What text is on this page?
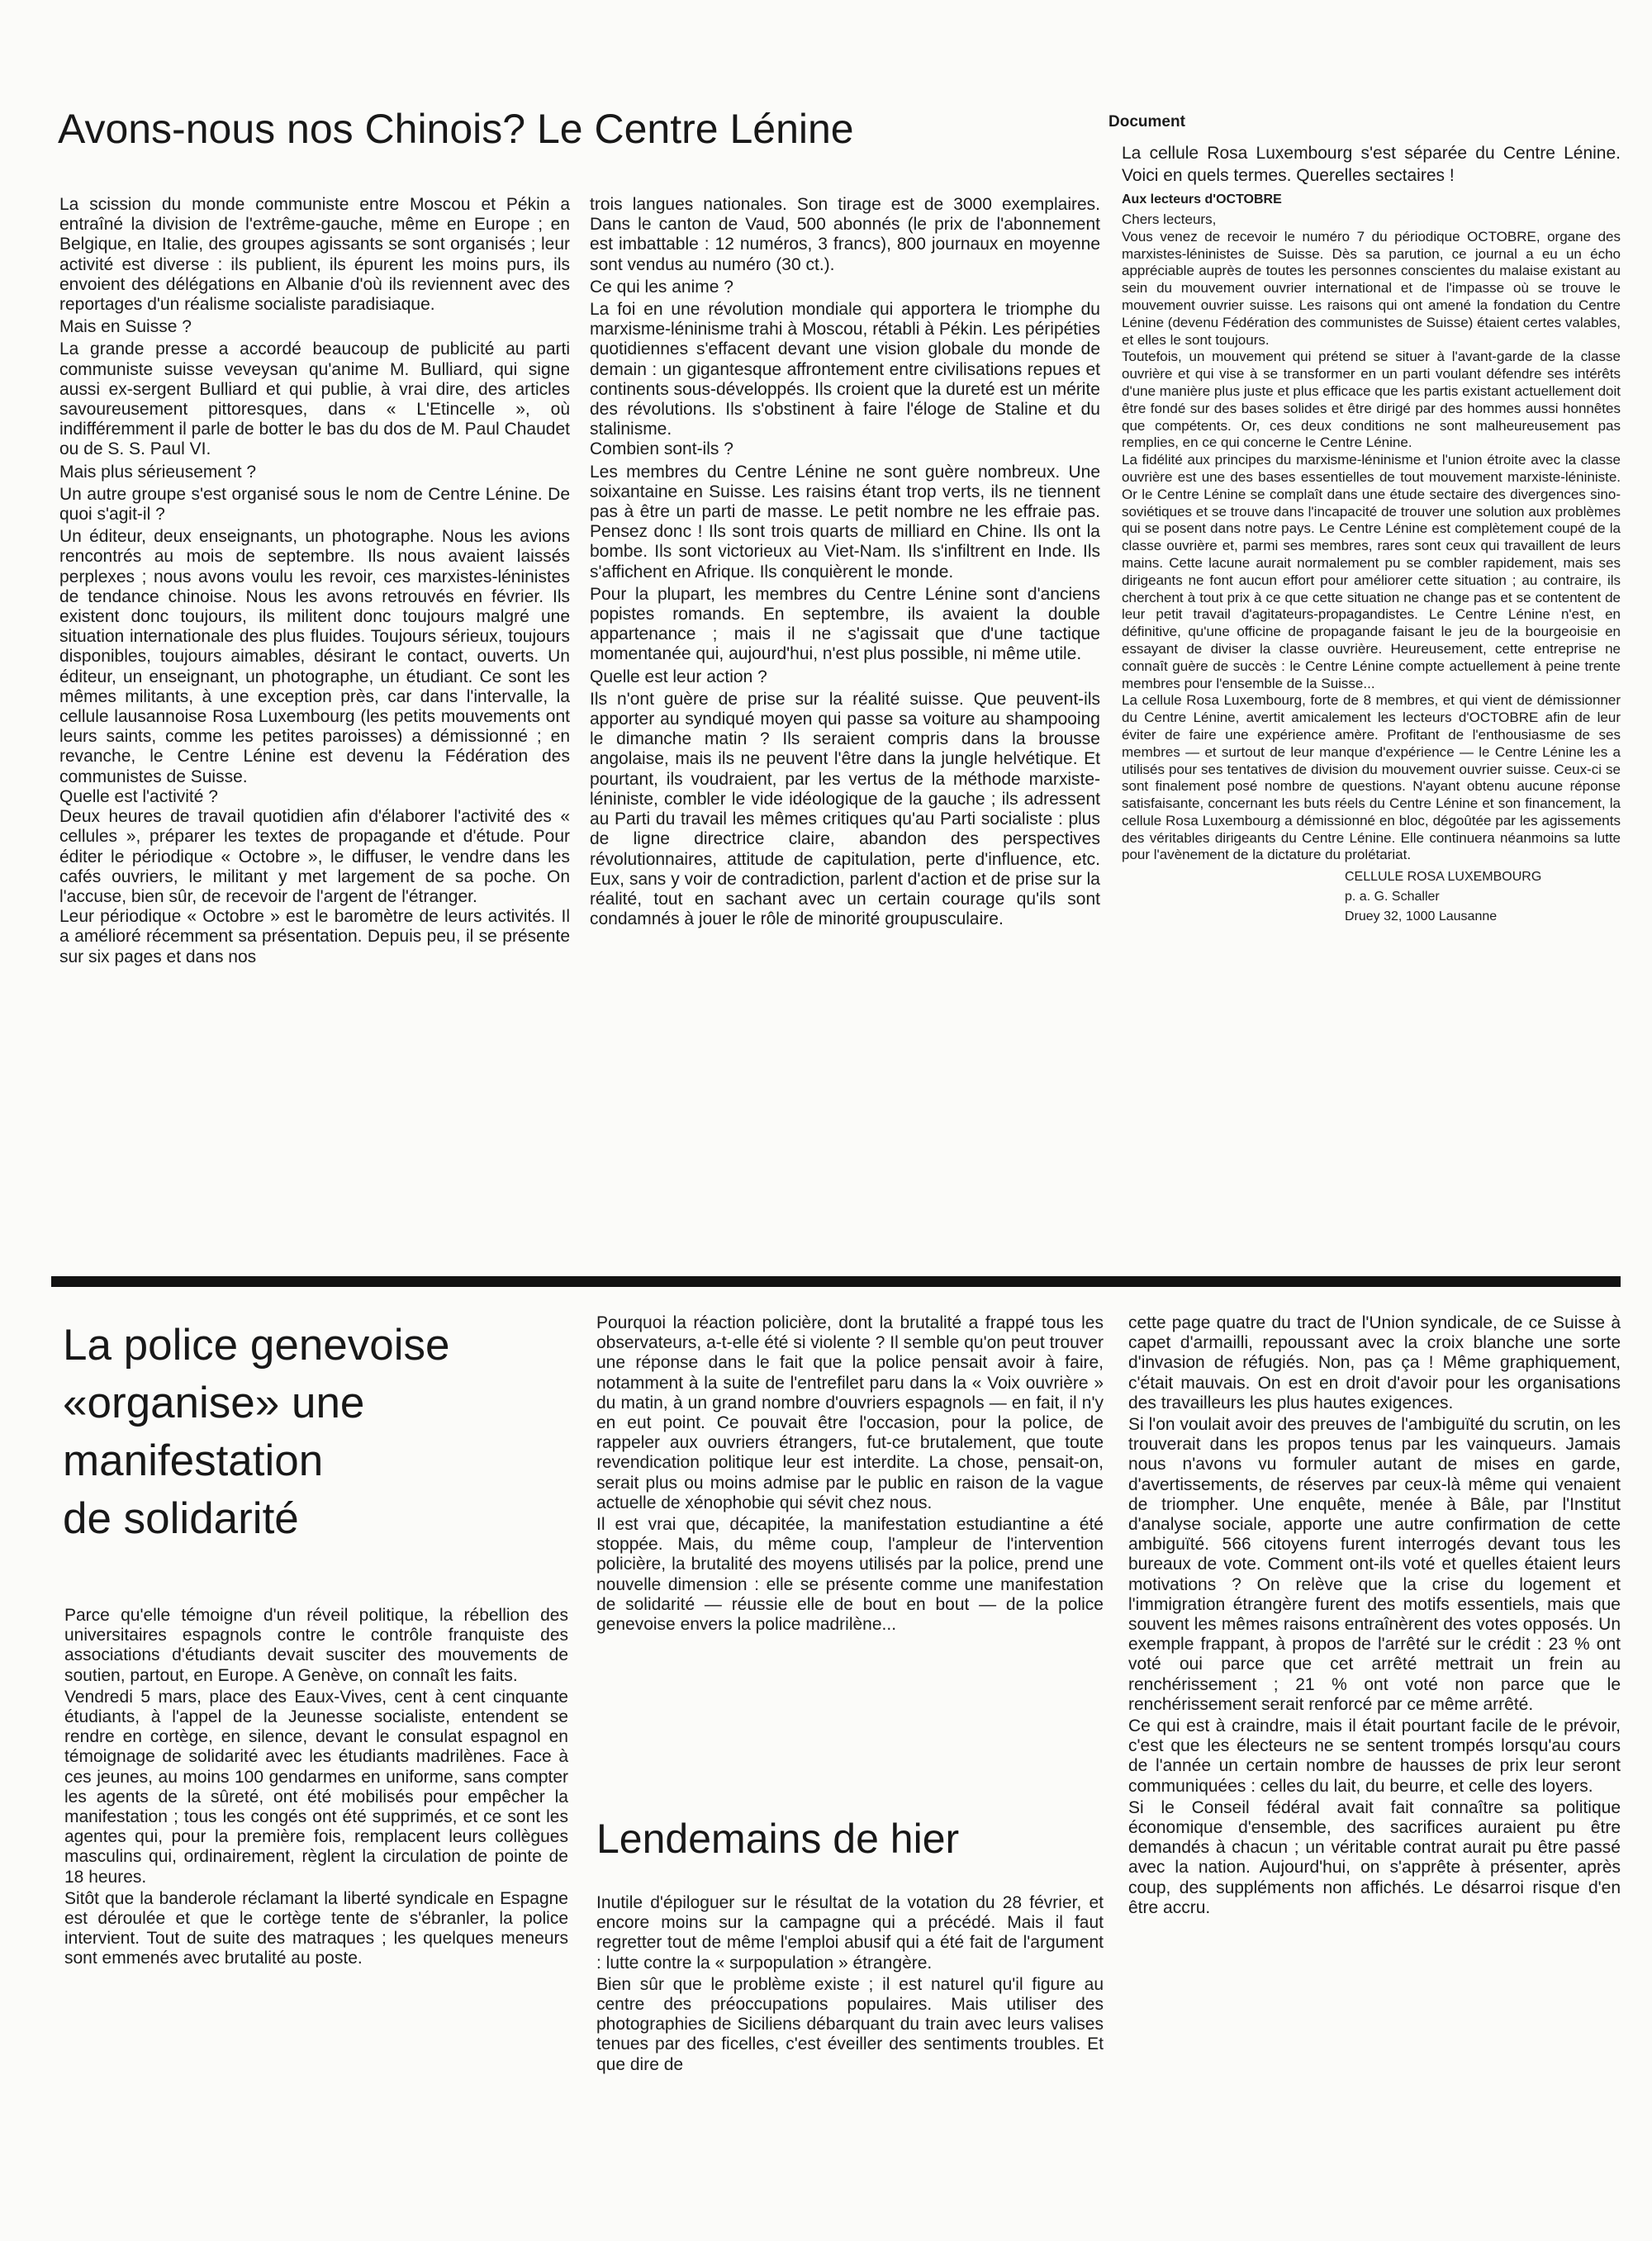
Avons-nous nos Chinois? Le Centre Lénine

La scission du monde communiste entre Moscou et Pékin a entraîné la division de l'extrême-gauche, même en Europe ; en Belgique, en Italie, des groupes agissants se sont organisés ; leur activité est diverse : ils publient, ils épurent les moins purs, ils envoient des délégations en Albanie d'où ils reviennent avec des reportages d'un réalisme socialiste paradisiaque.

Mais en Suisse ?

La grande presse a accordé beaucoup de publicité au parti communiste suisse veveysan qu'anime M. Bulliard, qui signe aussi ex-sergent Bulliard et qui publie, à vrai dire, des articles savoureusement pittoresques, dans « L'Etincelle », où indifféremment il parle de botter le bas du dos de M. Paul Chaudet ou de S. S. Paul VI.

Mais plus sérieusement ?

Un autre groupe s'est organisé sous le nom de Centre Lénine. De quoi s'agit-il ?

Un éditeur, deux enseignants, un photographe. Nous les avions rencontrés au mois de septembre. Ils nous avaient laissés perplexes ; nous avons voulu les revoir, ces marxistes-léninistes de tendance chinoise. Nous les avons retrouvés en février. Ils existent donc toujours, ils militent donc toujours malgré une situation internationale des plus fluides. Toujours sérieux, toujours disponibles, toujours aimables, désirant le contact, ouverts. Un éditeur, un enseignant, un photographe, un étudiant. Ce sont les mêmes militants, à une exception près, car dans l'intervalle, la cellule lausannoise Rosa Luxembourg (les petits mouvements ont leurs saints, comme les petites paroisses) a démissionné ; en revanche, le Centre Lénine est devenu la Fédération des communistes de Suisse.

Quelle est l'activité ?

Deux heures de travail quotidien afin d'élaborer l'activité des « cellules », préparer les textes de propagande et d'étude. Pour éditer le périodique « Octobre », le diffuser, le vendre dans les cafés ouvriers, le militant y met largement de sa poche. On l'accuse, bien sûr, de recevoir de l'argent de l'étranger.

Leur périodique « Octobre » est le baromètre de leurs activités. Il a amélioré récemment sa présentation. Depuis peu, il se présente sur six pages et dans nos

trois langues nationales. Son tirage est de 3000 exemplaires. Dans le canton de Vaud, 500 abonnés (le prix de l'abonnement est imbattable : 12 numéros, 3 francs), 800 journaux en moyenne sont vendus au numéro (30 ct.).

Ce qui les anime ?

La foi en une révolution mondiale qui apportera le triomphe du marxisme-léninisme trahi à Moscou, rétabli à Pékin. Les péripéties quotidiennes s'effacent devant une vision globale du monde de demain : un gigantesque affrontement entre civilisations repues et continents sous-développés. Ils croient que la dureté est un mérite des révolutions. Ils s'obstinent à faire l'éloge de Staline et du stalinisme.

Combien sont-ils ?

Les membres du Centre Lénine ne sont guère nombreux. Une soixantaine en Suisse. Les raisins étant trop verts, ils ne tiennent pas à être un parti de masse. Le petit nombre ne les effraie pas. Pensez donc ! Ils sont trois quarts de milliard en Chine. Ils ont la bombe. Ils sont victorieux au Viet-Nam. Ils s'infiltrent en Inde. Ils s'affichent en Afrique. Ils conquièrent le monde.

Pour la plupart, les membres du Centre Lénine sont d'anciens popistes romands. En septembre, ils avaient la double appartenance ; mais il ne s'agissait que d'une tactique momentanée qui, aujourd'hui, n'est plus possible, ni même utile.

Quelle est leur action ?

Ils n'ont guère de prise sur la réalité suisse. Que peuvent-ils apporter au syndiqué moyen qui passe sa voiture au shampooing le dimanche matin ? Ils seraient compris dans la brousse angolaise, mais ils ne peuvent l'être dans la jungle helvétique. Et pourtant, ils voudraient, par les vertus de la méthode marxiste-léniniste, combler le vide idéologique de la gauche ; ils adressent au Parti du travail les mêmes critiques qu'au Parti socialiste : plus de ligne directrice claire, abandon des perspectives révolutionnaires, attitude de capitulation, perte d'influence, etc. Eux, sans y voir de contradiction, parlent d'action et de prise sur la réalité, tout en sachant avec un certain courage qu'ils sont condamnés à jouer le rôle de minorité groupusculaire.

Document

La cellule Rosa Luxembourg s'est séparée du Centre Lénine. Voici en quels termes. Querelles sectaires !

Aux lecteurs d'OCTOBRE

Chers lecteurs,

Vous venez de recevoir le numéro 7 du périodique OCTOBRE, organe des marxistes-léninistes de Suisse. Dès sa parution, ce journal a eu un écho appréciable auprès de toutes les personnes conscientes du malaise existant au sein du mouvement ouvrier international et de l'impasse où se trouve le mouvement ouvrier suisse. Les raisons qui ont amené la fondation du Centre Lénine (devenu Fédération des communistes de Suisse) étaient certes valables, et elles le sont toujours.

Toutefois, un mouvement qui prétend se situer à l'avant-garde de la classe ouvrière et qui vise à se transformer en un parti voulant défendre ses intérêts d'une manière plus juste et plus efficace que les partis existant actuellement doit être fondé sur des bases solides et être dirigé par des hommes aussi honnêtes que compétents. Or, ces deux conditions ne sont malheureusement pas remplies, en ce qui concerne le Centre Lénine.

La fidélité aux principes du marxisme-léninisme et l'union étroite avec la classe ouvrière est une des bases essentielles de tout mouvement marxiste-léniniste. Or le Centre Lénine se complaît dans une étude sectaire des divergences sino-soviétiques et se trouve dans l'incapacité de trouver une solution aux problèmes qui se posent dans notre pays. Le Centre Lénine est complètement coupé de la classe ouvrière et, parmi ses membres, rares sont ceux qui travaillent de leurs mains. Cette lacune aurait normalement pu se combler rapidement, mais ses dirigeants ne font aucun effort pour améliorer cette situation ; au contraire, ils cherchent à tout prix à ce que cette situation ne change pas et se contentent de leur petit travail d'agitateurs-propagandistes. Le Centre Lénine n'est, en définitive, qu'une officine de propagande faisant le jeu de la bourgeoisie en essayant de diviser la classe ouvrière. Heureusement, cette entreprise ne connaît guère de succès : le Centre Lénine compte actuellement à peine trente membres pour l'ensemble de la Suisse...

La cellule Rosa Luxembourg, forte de 8 membres, et qui vient de démissionner du Centre Lénine, avertit amicalement les lecteurs d'OCTOBRE afin de leur éviter de faire une expérience amère. Profitant de l'enthousiasme de ses membres — et surtout de leur manque d'expérience — le Centre Lénine les a utilisés pour ses tentatives de division du mouvement ouvrier suisse. Ceux-ci se sont finalement posé nombre de questions. N'ayant obtenu aucune réponse satisfaisante, concernant les buts réels du Centre Lénine et son financement, la cellule Rosa Luxembourg a démissionné en bloc, dégoûtée par les agissements des véritables dirigeants du Centre Lénine. Elle continuera néanmoins sa lutte pour l'avènement de la dictature du prolétariat.

CELLULE ROSA LUXEMBOURG

p. a. G. Schaller

Druey 32, 1000 Lausanne

La police genevoise
«organise» une
manifestation
de solidarité

Parce qu'elle témoigne d'un réveil politique, la rébellion des universitaires espagnols contre le contrôle franquiste des associations d'étudiants devait susciter des mouvements de soutien, partout, en Europe. A Genève, on connaît les faits.

Vendredi 5 mars, place des Eaux-Vives, cent à cent cinquante étudiants, à l'appel de la Jeunesse socialiste, entendent se rendre en cortège, en silence, devant le consulat espagnol en témoignage de solidarité avec les étudiants madrilènes. Face à ces jeunes, au moins 100 gendarmes en uniforme, sans compter les agents de la sûreté, ont été mobilisés pour empêcher la manifestation ; tous les congés ont été supprimés, et ce sont les agentes qui, pour la première fois, remplacent leurs collègues masculins qui, ordinairement, règlent la circulation de pointe de 18 heures.

Sitôt que la banderole réclamant la liberté syndicale en Espagne est déroulée et que le cortège tente de s'ébranler, la police intervient. Tout de suite des matraques ; les quelques meneurs sont emmenés avec brutalité au poste.

Pourquoi la réaction policière, dont la brutalité a frappé tous les observateurs, a-t-elle été si violente ? Il semble qu'on peut trouver une réponse dans le fait que la police pensait avoir à faire, notamment à la suite de l'entrefilet paru dans la « Voix ouvrière » du matin, à un grand nombre d'ouvriers espagnols — en fait, il n'y en eut point. Ce pouvait être l'occasion, pour la police, de rappeler aux ouvriers étrangers, fut-ce brutalement, que toute revendication politique leur est interdite. La chose, pensait-on, serait plus ou moins admise par le public en raison de la vague actuelle de xénophobie qui sévit chez nous.

Il est vrai que, décapitée, la manifestation estudiantine a été stoppée. Mais, du même coup, l'ampleur de l'intervention policière, la brutalité des moyens utilisés par la police, prend une nouvelle dimension : elle se présente comme une manifestation de solidarité — réussie elle de bout en bout — de la police genevoise envers la police madrilène...

Lendemains de hier

Inutile d'épiloguer sur le résultat de la votation du 28 février, et encore moins sur la campagne qui a précédé. Mais il faut regretter tout de même l'emploi abusif qui a été fait de l'argument : lutte contre la « surpopulation » étrangère.

Bien sûr que le problème existe ; il est naturel qu'il figure au centre des préoccupations populaires. Mais utiliser des photographies de Siciliens débarquant du train avec leurs valises tenues par des ficelles, c'est éveiller des sentiments troubles. Et que dire de

cette page quatre du tract de l'Union syndicale, de ce Suisse à capet d'armailli, repoussant avec la croix blanche une sorte d'invasion de réfugiés. Non, pas ça ! Même graphiquement, c'était mauvais. On est en droit d'avoir pour les organisations des travailleurs les plus hautes exigences.

Si l'on voulait avoir des preuves de l'ambiguïté du scrutin, on les trouverait dans les propos tenus par les vainqueurs. Jamais nous n'avons vu formuler autant de mises en garde, d'avertissements, de réserves par ceux-là même qui venaient de triompher. Une enquête, menée à Bâle, par l'Institut d'analyse sociale, apporte une autre confirmation de cette ambiguïté. 566 citoyens furent interrogés devant tous les bureaux de vote. Comment ont-ils voté et quelles étaient leurs motivations ? On relève que la crise du logement et l'immigration étrangère furent des motifs essentiels, mais que souvent les mêmes raisons entraînèrent des votes opposés. Un exemple frappant, à propos de l'arrêté sur le crédit : 23 % ont voté oui parce que cet arrêté mettrait un frein au renchérissement ; 21 % ont voté non parce que le renchérissement serait renforcé par ce même arrêté.

Ce qui est à craindre, mais il était pourtant facile de le prévoir, c'est que les électeurs ne se sentent trompés lorsqu'au cours de l'année un certain nombre de hausses de prix leur seront communiquées : celles du lait, du beurre, et celle des loyers.

Si le Conseil fédéral avait fait connaître sa politique économique d'ensemble, des sacrifices auraient pu être demandés à chacun ; un véritable contrat aurait pu être passé avec la nation. Aujourd'hui, on s'apprête à présenter, après coup, des suppléments non affichés. Le désarroi risque d'en être accru.
